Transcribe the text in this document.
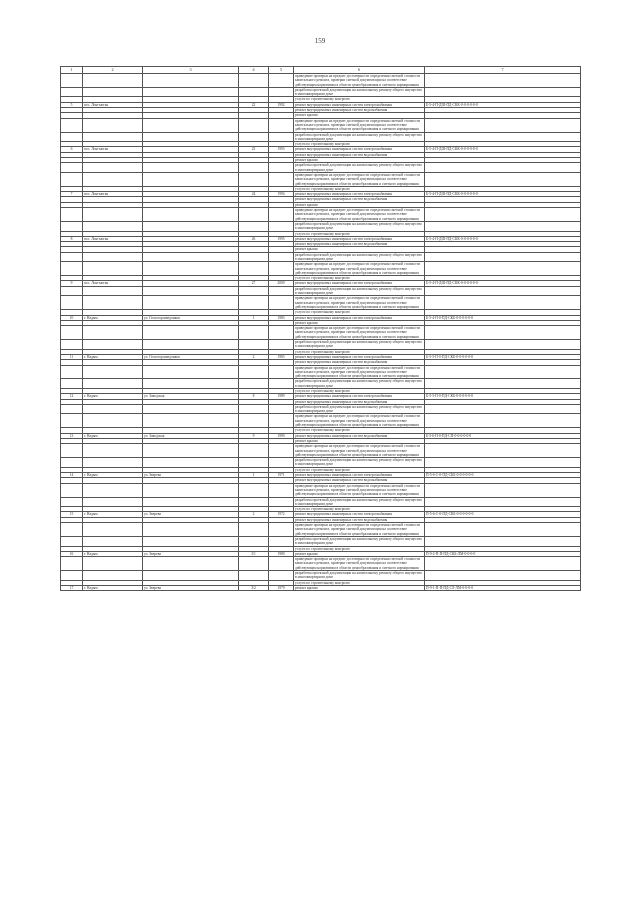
159
1	2	3	4	5	6	7
					приведение проверки на предмет достоверности определения сметной стоимости капитального ремонта, проверки сметной документации на соответствие действующим нормативам в области ценообразования и сметного нормирования	
					разработка проектной документации на капитальному ремонту общего имущества в многоквартирном доме	
					услуги по строительному контролю	
5	пос. Лонгъюган		22	1992	ремонт внутридомовых инженерных систем электроснабжения	Б-5-4-П-ДШ-ПД-СКК-0-0-0-0-0-0
					ремонт внутридомовых инженерных систем водоснабжения	
					ремонт крыши	
					приведение проверки на предмет достоверности определения сметной стоимости капитального ремонта, проверки сметной документации на соответствие действующим нормативам в области ценообразования и сметного нормирования	
					разработка проектной документации на капитальному ремонту общего имущества в многоквартирном доме	
					услуги по строительному контролю	
6	пос. Лонгъюган		23	1993	ремонт внутридомовых инженерных систем электроснабжения	Б-5-4-П-ДШ-ПД-СКК-0-0-0-0-0-0
					ремонт внутридомовых инженерных систем водоснабжения	
					ремонт крыши	
					разработка проектной документации на капитальному ремонту общего имущества в многоквартирном доме	
					приведение проверки на предмет достоверности определения сметной стоимости капитального ремонта, проверки сметной документации на соответствие действующим нормативам в области ценообразования и сметного нормирования	
					услуги по строительному контролю	
7	пос. Лонгъюган		24	1994	ремонт внутридомовых инженерных систем электроснабжения	Б-5-4-П-ДШ-ПД-СКК-0-0-0-0-0-0
					ремонт внутридомовых инженерных систем водоснабжения	
					ремонт крыши	
					приведение проверки на предмет достоверности определения сметной стоимости капитального ремонта, проверки сметной документации на соответствие действующим нормативам в области ценообразования и сметного нормирования	
					разработка проектной документации на капитальному ремонту общего имущества в многоквартирном доме	
					услуги по строительному контролю	
8	пос. Лонгъюган		26	1995	ремонт внутридомовых инженерных систем электроснабжения	Б-5-4-П-ДШ-ПД-СКК-0-0-0-0-0-0
					ремонт внутридомовых инженерных систем водоснабжения	
					ремонт крыши	
					разработка проектной документации на капитальному ремонту общего имущества в многоквартирном доме	
					приведение проверки на предмет достоверности определения сметной стоимости капитального ремонта, проверки сметной документации на соответствие действующим нормативам в области ценообразования и сметного нормирования	
					услуги по строительному контролю	
9	пос. Лонгъюган		27	2000	ремонт внутридомовых инженерных систем электроснабжения	Б-5-4-П-ДШ-ПД-СКК-0-0-0-0-0-0
					разработка проектной документации на капитальному ремонту общего имущества в многоквартирном доме	
					приведение проверки на предмет достоверности определения сметной стоимости капитального ремонта, проверки сметной документации на соответствие действующим нормативам в области ценообразования и сметного нормирования	
					услуги по строительному контролю	
10	г. Надым	ул. Геологоразведчиков	1	1983	ремонт внутридомовых инженерных систем электроснабжения	Б-5-4-П-0-ПД-СКБ-0-0-0-0-0-0
					ремонт крыши	
					приведение проверки на предмет достоверности определения сметной стоимости капитального ремонта, проверки сметной документации на соответствие действующим нормативам в области ценообразования и сметного нормирования	
					разработка проектной документации на капитальному ремонту общего имущества в многоквартирном доме	
					услуги по строительному контролю	
11	г. Надым	ул. Геологоразведчиков	2	1983	ремонт внутридомовых инженерных систем электроснабжения	Б-5-5-П-0-ПД-СКБ-0-0-0-0-0-0
					ремонт внутридомовых инженерных систем водоснабжения	
					приведение проверки на предмет достоверности определения сметной стоимости капитального ремонта, проверки сметной документации на соответствие действующим нормативам в области ценообразования и сметного нормирования	
					разработка проектной документации на капитальному ремонту общего имущества в многоквартирном доме	
					услуги по строительному контролю	
12	г. Надым	ул. Заводская	8	1989	ремонт внутридомовых инженерных систем электроснабжения	Б-5-5-П-0-ПД-СКБ-0-0-0-0-0-0
					ремонт внутридомовых инженерных систем водоснабжения	
					разработка проектной документации на капитальному ремонту общего имущества в многоквартирном доме	
					приведение проверки на предмет достоверности определения сметной стоимости капитального ремонта, проверки сметной документации на соответствие действующим нормативам в области ценообразования и сметного нормирования	
					услуги по строительному контролю	
13	г. Надым	ул. Заводская	9	1990	ремонт внутридомовых инженерных систем водоснабжения	Б-5-6-П-0-ПД-СП-0-0-0-0-0-0
					ремонт крыши	
					приведение проверки на предмет достоверности определения сметной стоимости капитального ремонта, проверки сметной документации на соответствие действующим нормативам в области ценообразования и сметного нормирования	
					разработка проектной документации на капитальному ремонту общего имущества в многоквартирном доме	
					услуги по строительному контролю	
14	г. Надым	ул. Зверева	1	1971	ремонт внутридомовых инженерных систем электроснабжения	П-5-6-С-0-ПД-СКБ-0-0-0-0-0-0
					ремонт внутридомовых инженерных систем водоснабжения	
					приведение проверки на предмет достоверности определения сметной стоимости капитального ремонта, проверки сметной документации на соответствие действующим нормативам в области ценообразования и сметного нормирования	
					разработка проектной документации на капитальному ремонту общего имущества в многоквартирном доме	
					услуги по строительному контролю	
15	г. Надым	ул. Зверева	2	1972	ремонт внутридомовых инженерных систем электроснабжения	П-5-6-С-0-ПД-СКБ-0-0-0-0-0-0
					ремонт внутридомовых инженерных систем водоснабжения	
					приведение проверки на предмет достоверности определения сметной стоимости капитального ремонта, проверки сметной документации на соответствие действующим нормативам в области ценообразования и сметного нормирования	
					разработка проектной документации на капитальному ремонту общего имущества в многоквартирном доме	
					услуги по строительному контролю	
16	г. Надым	ул. Зверева	3/1	1980	ремонт крыши	П-9-2-П-П-ПД-СКБ-ЛМ-0-0-0-0
					приведение проверки на предмет достоверности определения сметной стоимости капитального ремонта, проверки сметной документации на соответствие действующим нормативам в области ценообразования и сметного нормирования	
					разработка проектной документации на капитальному ремонту общего имущества в многоквартирном доме	
					услуги по строительному контролю	
17	г. Надым	ул. Зверева	3/2	1979	ремонт крыши	П-9-1-П-П-ПД-СЛ-ЛМ-0-0-0-0
